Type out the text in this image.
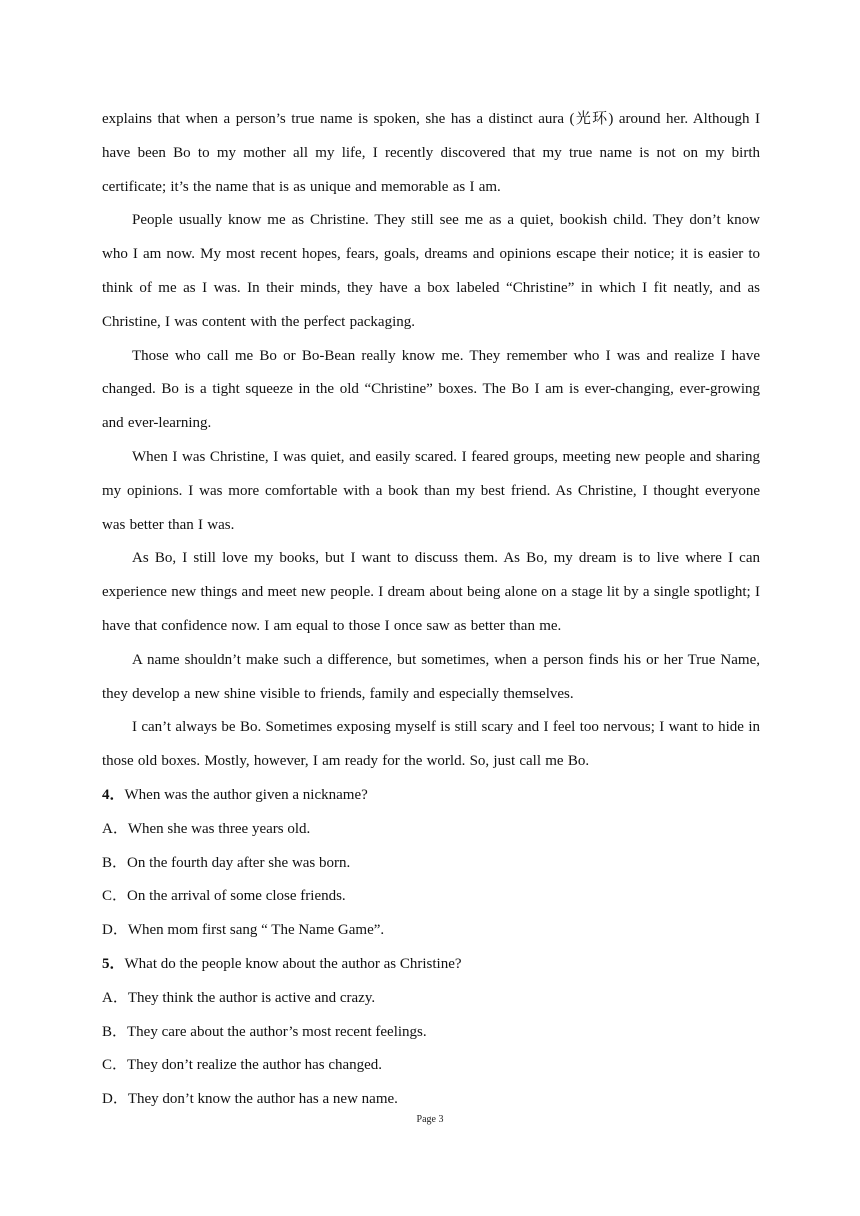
explains that when a person’s true name is spoken, she has a distinct aura (光环) around her. Although I have been Bo to my mother all my life, I recently discovered that my true name is not on my birth certificate; it’s the name that is as unique and memorable as I am.

People usually know me as Christine. They still see me as a quiet, bookish child. They don’t know who I am now. My most recent hopes, fears, goals, dreams and opinions escape their notice; it is easier to think of me as I was. In their minds, they have a box labeled “Christine” in which I fit neatly, and as Christine, I was content with the perfect packaging.

Those who call me Bo or Bo-Bean really know me. They remember who I was and realize I have changed. Bo is a tight squeeze in the old “Christine” boxes. The Bo I am is ever-changing, ever-growing and ever-learning.

When I was Christine, I was quiet, and easily scared. I feared groups, meeting new people and sharing my opinions. I was more comfortable with a book than my best friend. As Christine, I thought everyone was better than I was.

As Bo, I still love my books, but I want to discuss them. As Bo, my dream is to live where I can experience new things and meet new people. I dream about being alone on a stage lit by a single spotlight; I have that confidence now. I am equal to those I once saw as better than me.

A name shouldn’t make such a difference, but sometimes, when a person finds his or her True Name, they develop a new shine visible to friends, family and especially themselves.

I can’t always be Bo. Sometimes exposing myself is still scary and I feel too nervous; I want to hide in those old boxes. Mostly, however, I am ready for the world. So, just call me Bo.

4．When was the author given a nickname?

A．When she was three years old.

B．On the fourth day after she was born.

C．On the arrival of some close friends.

D．When mom first sang “ The Name Game”.

5．What do the people know about the author as Christine?

A．They think the author is active and crazy.

B．They care about the author’s most recent feelings.

C．They don’t realize the author has changed.

D．They don’t know the author has a new name.

Page 3
